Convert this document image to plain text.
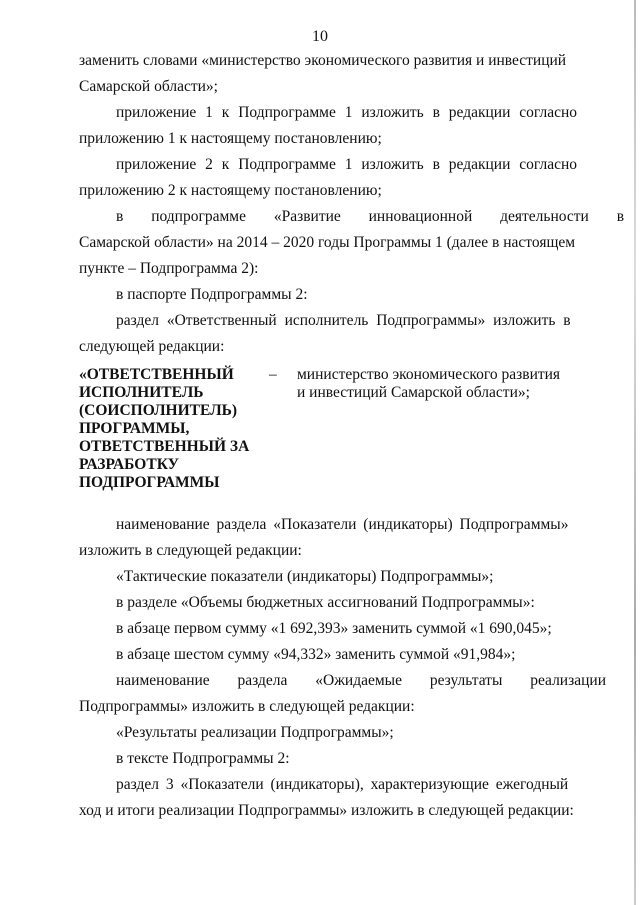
10

заменить словами «министерство экономического развития и инвестиций
Самарской области»;

приложение 1 к Подпрограмме 1 изложить в редакции согласно
приложению 1 к настоящему постановлению;

приложение 2 к Подпрограмме 1 изложить в редакции согласно
приложению 2 к настоящему постановлению;

в подпрограмме «Развитие инновационной деятельности в
Самарской области» на 2014 – 2020 годы Программы 1 (далее в настоящем
пункте – Подпрограмма 2):

в паспорте Подпрограммы 2:

раздел «Ответственный исполнитель Подпрограммы» изложить в
следующей редакции:

«ОТВЕТСТВЕННЫЙ
ИСПОЛНИТЕЛЬ
(СОИСПОЛНИТЕЛЬ)
ПРОГРАММЫ,
ОТВЕТСТВЕННЫЙ ЗА
РАЗРАБОТКУ
ПОДПРОГРАММЫ
–	министерство экономического развития
и инвестиций Самарской области»;

наименование раздела «Показатели (индикаторы) Подпрограммы»
изложить в следующей редакции:

«Тактические показатели (индикаторы) Подпрограммы»;

в разделе «Объемы бюджетных ассигнований Подпрограммы»:

в абзаце первом сумму «1 692,393» заменить суммой «1 690,045»;

в абзаце шестом сумму «94,332» заменить суммой «91,984»;

наименование раздела «Ожидаемые результаты реализации
Подпрограммы» изложить в следующей редакции:

«Результаты реализации Подпрограммы»;

в тексте Подпрограммы 2:

раздел 3 «Показатели (индикаторы), характеризующие ежегодный
ход и итоги реализации Подпрограммы» изложить в следующей редакции:
